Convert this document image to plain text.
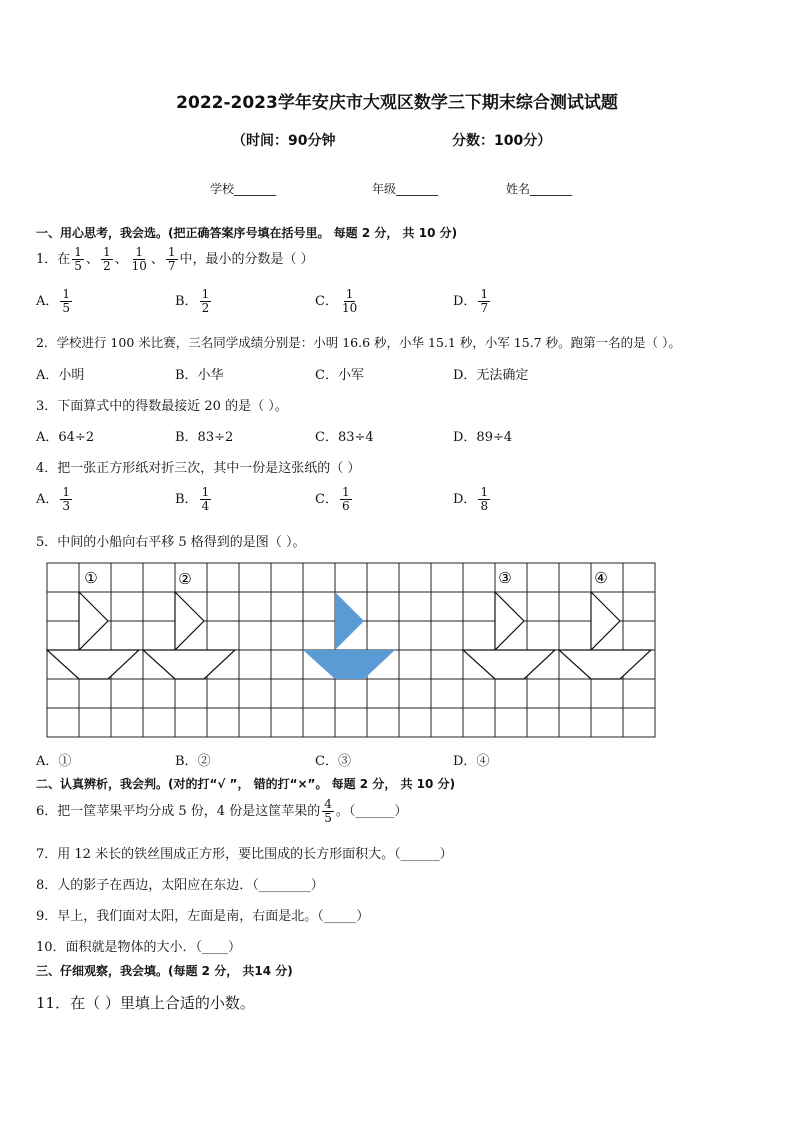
2022-2023学年安庆市大观区数学三下期末综合测试试题
（时间：90分钟	分数：100分）
学校_______	年级_______	姓名_______
一、用心思考，我会选。(把正确答案序号填在括号里。 每题 2 分， 共 10 分)
1．在 $\frac{1}{5}$ 、 $\frac{1}{2}$ 、 $\frac{1}{10}$ 、 $\frac{1}{7}$ 中，最小的分数是（ ）
A． $\frac{1}{5}$	B． $\frac{1}{2}$	C． $\frac{1}{10}$	D． $\frac{1}{7}$
2．学校进行 100 米比赛，三名同学成绩分别是：小明 16.6 秒，小华 15.1 秒，小军 15.7 秒。跑第一名的是（ ）。
A．小明	B．小华	C．小军	D．无法确定
3．下面算式中的得数最接近 20 的是（ ）。
A．64÷2	B．83÷2	C．83÷4	D．89÷4
4．把一张正方形纸对折三次，其中一份是这张纸的（ ）
A． $\frac{1}{3}$	B． $\frac{1}{4}$	C． $\frac{1}{6}$	D． $\frac{1}{8}$
5．中间的小船向右平移 5 格得到的是图（ ）。
①	②	③	④
A．①	B．②	C．③	D．④
二、认真辨析，我会判。(对的打“√ ”， 错的打“×”。 每题 2 分， 共 10 分)
6．把一筐苹果平均分成 5 份，4 份是这筐苹果的 $\frac{4}{5}$ 。（______）
7．用 12 米长的铁丝围成正方形，要比围成的长方形面积大。（______）
8．人的影子在西边，太阳应在东边．（________）
9．早上，我们面对太阳，左面是南，右面是北。（_____）
10．面积就是物体的大小．（____）
三、仔细观察，我会填。(每题 2 分， 共14 分)
11．在（ ）里填上合适的小数。
